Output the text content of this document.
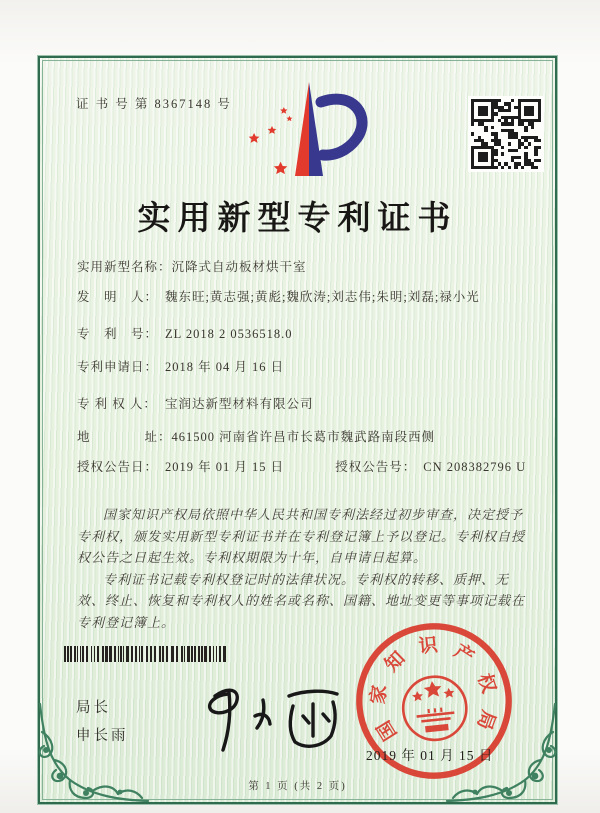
证 书 号 第 8367148 号
实用新型专利证书
实用新型名称：沉降式自动板材烘干室
发　明　人： 魏东旺;黄志强;黄彪;魏欣涛;刘志伟;朱明;刘磊;禄小光
专　利　号： ZL 2018 2 0536518.0
专利申请日： 2018 年 04 月 16 日
专 利 权 人： 宝润达新型材料有限公司
地　　　　址：461500 河南省许昌市长葛市魏武路南段西侧
授权公告日： 2019 年 01 月 15 日	授权公告号： CN 208382796 U

国家知识产权局依照中华人民共和国专利法经过初步审查，决定授予专利权，颁发实用新型专利证书并在专利登记簿上予以登记。专利权自授权公告之日起生效。专利权期限为十年，自申请日起算。

专利证书记载专利权登记时的法律状况。专利权的转移、质押、无效、终止、恢复和专利权人的姓名或名称、国籍、地址变更等事项记载在专利登记簿上。

局长
申长雨	国
家
知
识 产
权
局
2019 年 01 月 15 日
第 1 页 (共 2 页)
